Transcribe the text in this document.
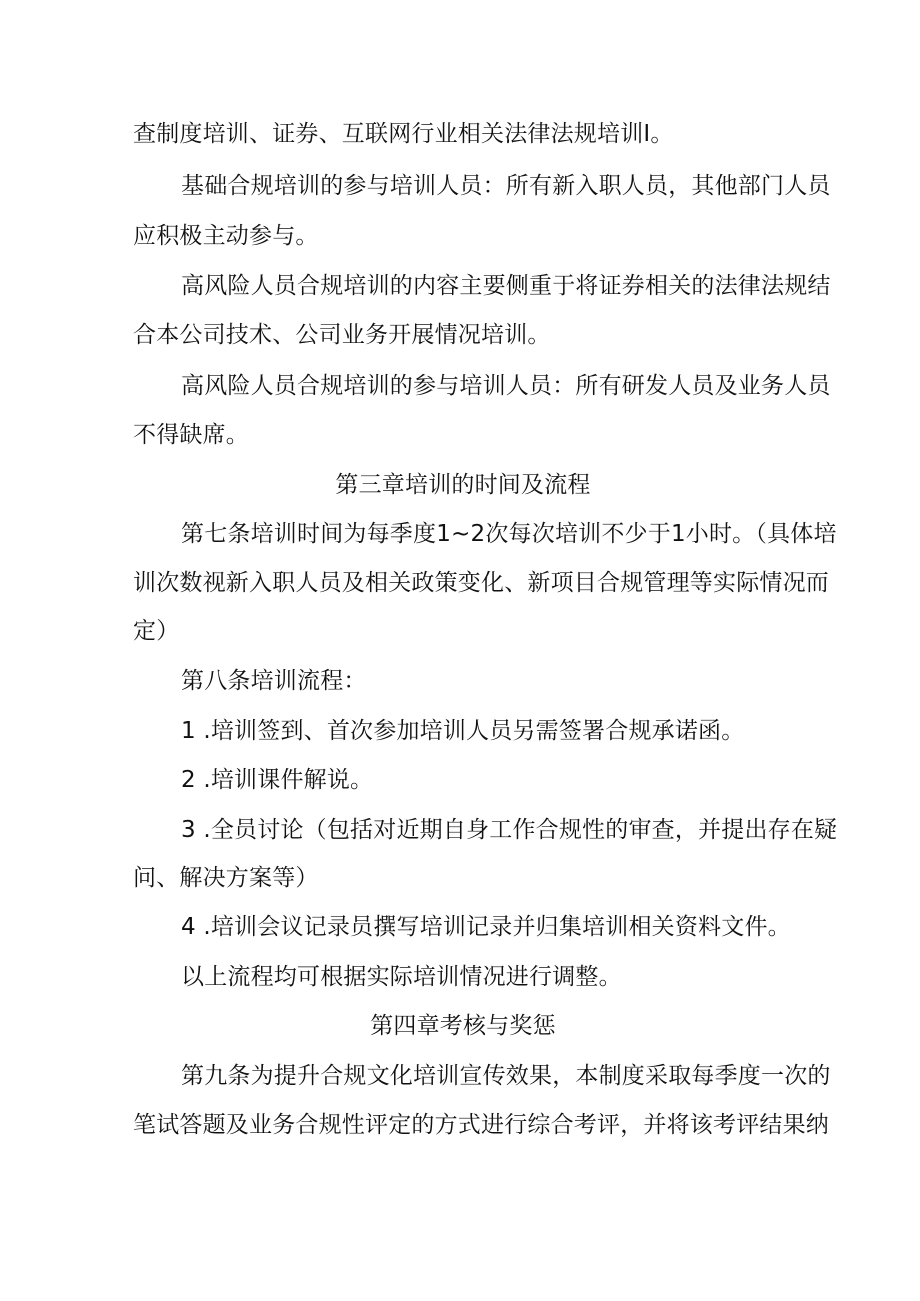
查制度培训、证券、互联网行业相关法律法规培训I。
基础合规培训的参与培训人员：所有新入职人员，其他部门人员
应积极主动参与。
高风险人员合规培训的内容主要侧重于将证券相关的法律法规结
合本公司技术、公司业务开展情况培训。
高风险人员合规培训的参与培训人员：所有研发人员及业务人员
不得缺席。
第三章培训的时间及流程
第七条培训时间为每季度1~2次每次培训不少于1小时。（具体培
训次数视新入职人员及相关政策变化、新项目合规管理等实际情况而
定）
第八条培训流程：
1 .培训签到、首次参加培训人员另需签署合规承诺函。
2 .培训课件解说。
3 .全员讨论（包括对近期自身工作合规性的审查，并提出存在疑
问、解决方案等）
4 .培训会议记录员撰写培训记录并归集培训相关资料文件。
以上流程均可根据实际培训情况进行调整。
第四章考核与奖惩
第九条为提升合规文化培训宣传效果，本制度采取每季度一次的
笔试答题及业务合规性评定的方式进行综合考评，并将该考评结果纳
